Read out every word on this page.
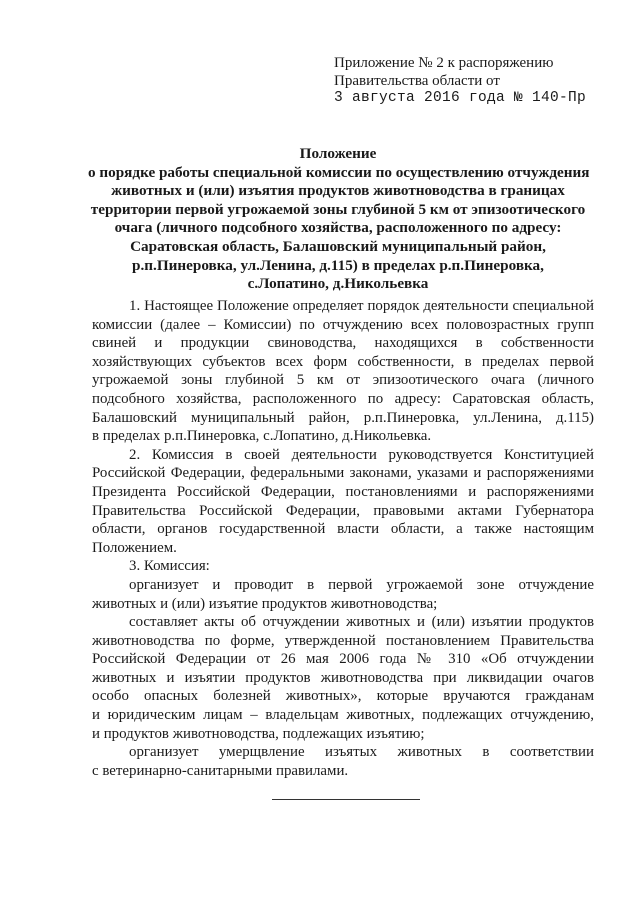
Приложение № 2 к распоряжению
Правительства области от
3 августа 2016 года № 140-Пр
Положение
о порядке работы специальной комиссии по осуществлению отчуждения
животных и (или) изъятия продуктов животноводства в границах
территории первой угрожаемой зоны глубиной 5 км от эпизоотического
очага (личного подсобного хозяйства, расположенного по адресу:
Саратовская область, Балашовский муниципальный район,
р.п.Пинеровка, ул.Ленина, д.115) в пределах р.п.Пинеровка,
с.Лопатино, д.Никольевка
1. Настоящее Положение определяет порядок деятельности специальной
комиссии (далее – Комиссии) по отчуждению всех половозрастных групп
свиней и продукции свиноводства, находящихся в собственности
хозяйствующих субъектов всех форм собственности, в пределах первой
угрожаемой зоны глубиной 5 км от эпизоотического очага (личного
подсобного хозяйства, расположенного по адресу: Саратовская область,
Балашовский муниципальный район, р.п.Пинеровка, ул.Ленина, д.115)
в пределах р.п.Пинеровка, с.Лопатино, д.Никольевка.
2. Комиссия в своей деятельности руководствуется Конституцией
Российской Федерации, федеральными законами, указами и распоряжениями
Президента Российской Федерации, постановлениями и распоряжениями
Правительства Российской Федерации, правовыми актами Губернатора
области, органов государственной власти области, а также настоящим
Положением.
3. Комиссия:
организует и проводит в первой угрожаемой зоне отчуждение
животных и (или) изъятие продуктов животноводства;
составляет акты об отчуждении животных и (или) изъятии продуктов
животноводства по форме, утвержденной постановлением Правительства
Российской Федерации от 26 мая 2006 года № 310 «Об отчуждении
животных и изъятии продуктов животноводства при ликвидации очагов
особо опасных болезней животных», которые вручаются гражданам
и юридическим лицам – владельцам животных, подлежащих отчуждению,
и продуктов животноводства, подлежащих изъятию;
организует умерщвление изъятых животных в соответствии
с ветеринарно-санитарными правилами.
